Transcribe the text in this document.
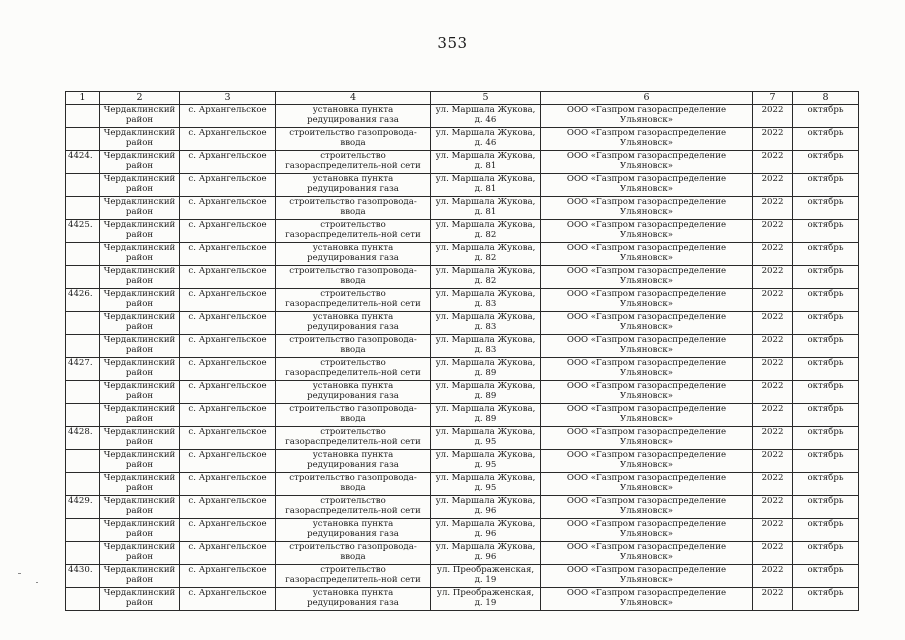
353
1	2	3	4	5	6	7	8
	Чердаклинский район	с. Архангельское	установка пункта редуцирования газа	ул. Маршала Жукова, д. 46	ООО «Газпром газораспределение Ульяновск»	2022	октябрь
	Чердаклинский район	с. Архангельское	строительство газопровода-ввода	ул. Маршала Жукова, д. 46	ООО «Газпром газораспределение Ульяновск»	2022	октябрь
4424.	Чердаклинский район	с. Архангельское	строительство газораспределитель-ной сети	ул. Маршала Жукова, д. 81	ООО «Газпром газораспределение Ульяновск»	2022	октябрь
	Чердаклинский район	с. Архангельское	установка пункта редуцирования газа	ул. Маршала Жукова, д. 81	ООО «Газпром газораспределение Ульяновск»	2022	октябрь
	Чердаклинский район	с. Архангельское	строительство газопровода-ввода	ул. Маршала Жукова, д. 81	ООО «Газпром газораспределение Ульяновск»	2022	октябрь
4425.	Чердаклинский район	с. Архангельское	строительство газораспределитель-ной сети	ул. Маршала Жукова, д. 82	ООО «Газпром газораспределение Ульяновск»	2022	октябрь
	Чердаклинский район	с. Архангельское	установка пункта редуцирования газа	ул. Маршала Жукова, д. 82	ООО «Газпром газораспределение Ульяновск»	2022	октябрь
	Чердаклинский район	с. Архангельское	строительство газопровода-ввода	ул. Маршала Жукова, д. 82	ООО «Газпром газораспределение Ульяновск»	2022	октябрь
4426.	Чердаклинский район	с. Архангельское	строительство газораспределитель-ной сети	ул. Маршала Жукова, д. 83	ООО «Газпром газораспределение Ульяновск»	2022	октябрь
	Чердаклинский район	с. Архангельское	установка пункта редуцирования газа	ул. Маршала Жукова, д. 83	ООО «Газпром газораспределение Ульяновск»	2022	октябрь
	Чердаклинский район	с. Архангельское	строительство газопровода-ввода	ул. Маршала Жукова, д. 83	ООО «Газпром газораспределение Ульяновск»	2022	октябрь
4427.	Чердаклинский район	с. Архангельское	строительство газораспределитель-ной сети	ул. Маршала Жукова, д. 89	ООО «Газпром газораспределение Ульяновск»	2022	октябрь
	Чердаклинский район	с. Архангельское	установка пункта редуцирования газа	ул. Маршала Жукова, д. 89	ООО «Газпром газораспределение Ульяновск»	2022	октябрь
	Чердаклинский район	с. Архангельское	строительство газопровода-ввода	ул. Маршала Жукова, д. 89	ООО «Газпром газораспределение Ульяновск»	2022	октябрь
4428.	Чердаклинский район	с. Архангельское	строительство газораспределитель-ной сети	ул. Маршала Жукова, д. 95	ООО «Газпром газораспределение Ульяновск»	2022	октябрь
	Чердаклинский район	с. Архангельское	установка пункта редуцирования газа	ул. Маршала Жукова, д. 95	ООО «Газпром газораспределение Ульяновск»	2022	октябрь
	Чердаклинский район	с. Архангельское	строительство газопровода-ввода	ул. Маршала Жукова, д. 95	ООО «Газпром газораспределение Ульяновск»	2022	октябрь
4429.	Чердаклинский район	с. Архангельское	строительство газораспределитель-ной сети	ул. Маршала Жукова, д. 96	ООО «Газпром газораспределение Ульяновск»	2022	октябрь
	Чердаклинский район	с. Архангельское	установка пункта редуцирования газа	ул. Маршала Жукова, д. 96	ООО «Газпром газораспределение Ульяновск»	2022	октябрь
	Чердаклинский район	с. Архангельское	строительство газопровода-ввода	ул. Маршала Жукова, д. 96	ООО «Газпром газораспределение Ульяновск»	2022	октябрь
4430.	Чердаклинский район	с. Архангельское	строительство газораспределитель-ной сети	ул. Преображенская, д. 19	ООО «Газпром газораспределение Ульяновск»	2022	октябрь
	Чердаклинский район	с. Архангельское	установка пункта редуцирования газа	ул. Преображенская, д. 19	ООО «Газпром газораспределение Ульяновск»	2022	октябрь
